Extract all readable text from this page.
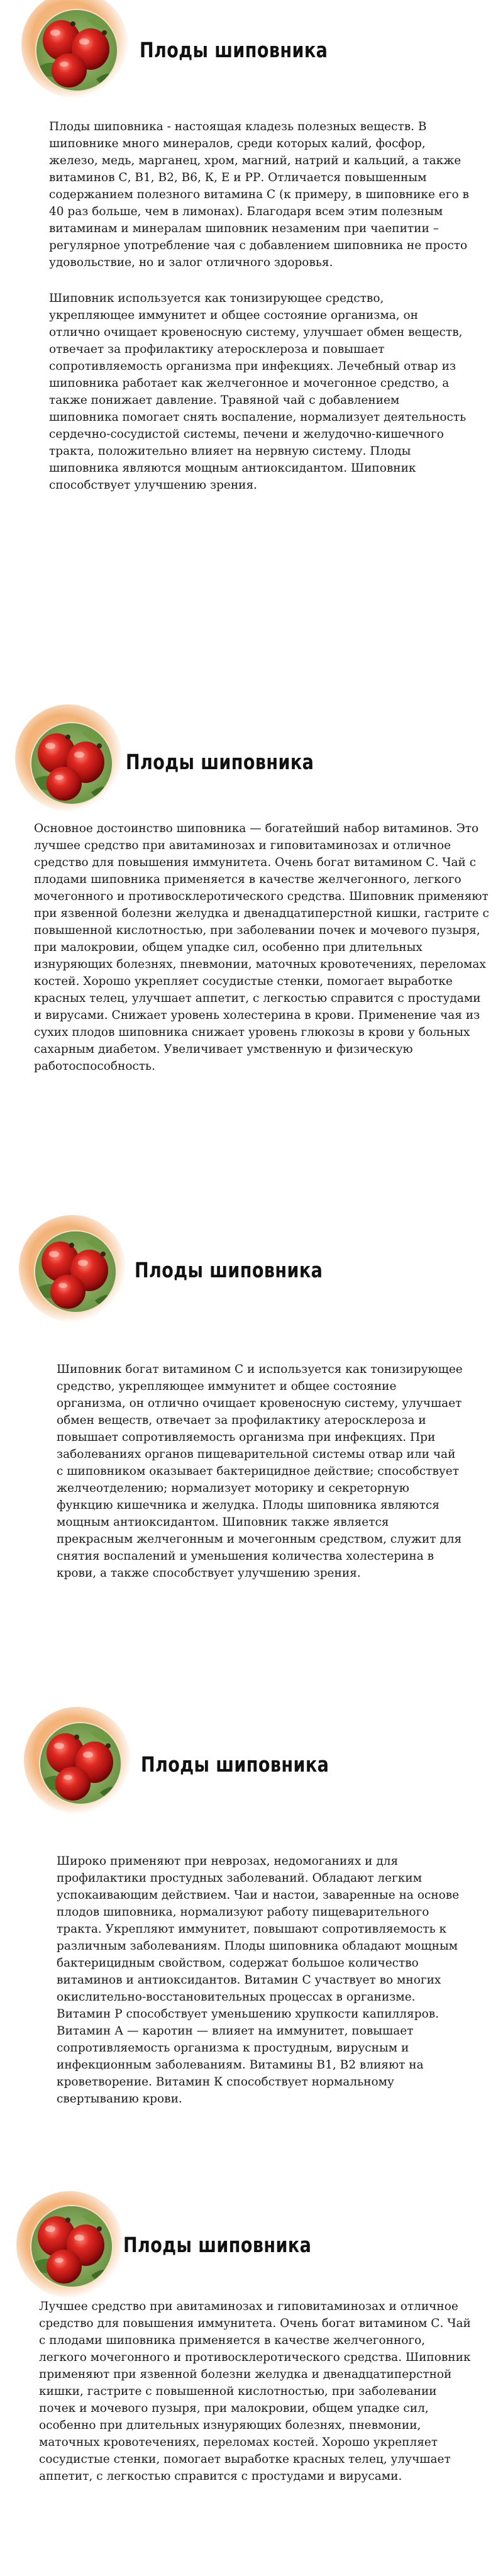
Плоды шиповника

Плоды шиповника - настоящая кладезь полезных веществ. В шиповнике много минералов, среди которых калий, фосфор, железо, медь, марганец, хром, магний, натрий и кальций, а также витаминов С, В1, В2, В6, К, Е и РР. Отличается повышенным содержанием полезного витамина С (к примеру, в шиповнике его в 40 раз больше, чем в лимонах). Благодаря всем этим полезным витаминам и минералам шиповник незаменим при чаепитии – регулярное употребление чая с добавлением шиповника не просто удовольствие, но и залог отличного здоровья.

Шиповник используется как тонизирующее средство, укрепляющее иммунитет и общее состояние организма, он отлично очищает кровеносную систему, улучшает обмен веществ, отвечает за профилактику атеросклероза и повышает сопротивляемость организма при инфекциях. Лечебный отвар из шиповника работает как желчегонное и мочегонное средство, а также понижает давление. Травяной чай с добавлением шиповника помогает снять воспаление, нормализует деятельность сердечно-сосудистой системы, печени и желудочно-кишечного тракта, положительно влияет на нервную систему. Плоды шиповника являются мощным антиоксидантом. Шиповник способствует улучшению зрения.

Плоды шиповника

Основное достоинство шиповника — богатейший набор витаминов. Это лучшее средство при авитаминозах и гиповитаминозах и отличное средство для повышения иммунитета. Очень богат витамином С. Чай с плодами шиповника применяется в качестве желчегонного, легкого мочегонного и противосклеротического средства. Шиповник применяют при язвенной болезни желудка и двенадцатиперстной кишки, гастрите с повышенной кислотностью, при заболевании почек и мочевого пузыря, при малокровии, общем упадке сил, особенно при длительных изнуряющих болезнях, пневмонии, маточных кровотечениях, переломах костей. Хорошо укрепляет сосудистые стенки, помогает выработке красных телец, улучшает аппетит, с легкостью справится с простудами и вирусами. Снижает уровень холестерина в крови. Применение чая из сухих плодов шиповника снижает уровень глюкозы в крови у больных сахарным диабетом. Увеличивает умственную и физическую работоспособность.

Плоды шиповника

Шиповник богат витамином С и используется как тонизирующее средство, укрепляющее иммунитет и общее состояние организма, он отлично очищает кровеносную систему, улучшает обмен веществ, отвечает за профилактику атеросклероза и повышает сопротивляемость организма при инфекциях. При заболеваниях органов пищеварительной системы отвар или чай с шиповником оказывает бактерицидное действие; способствует желчеотделению; нормализует моторику и секреторную функцию кишечника и желудка. Плоды шиповника являются мощным антиоксидантом. Шиповник также является прекрасным желчегонным и мочегонным средством, служит для снятия воспалений и уменьшения количества холестерина в крови, а также способствует улучшению зрения.

Плоды шиповника

Широко применяют при неврозах, недомоганиях и для профилактики простудных заболеваний. Обладают легким успокаивающим действием. Чаи и настои, заваренные на основе плодов шиповника, нормализуют работу пищеварительного тракта. Укрепляют иммунитет, повышают сопротивляемость к различным заболеваниям. Плоды шиповника обладают мощным бактерицидным свойством, содержат большое количество витаминов и антиоксидантов. Витамин С участвует во многих окислительно-восстановительных процессах в организме. Витамин Р способствует уменьшению хрупкости капилляров. Витамин А — каротин — влияет на иммунитет, повышает сопротивляемость организма к простудным, вирусным и инфекционным заболеваниям. Витамины В1, В2 влияют на кроветворение. Витамин К способствует нормальному свертыванию крови.

Плоды шиповника

Лучшее средство при авитаминозах и гиповитаминозах и отличное средство для повышения иммунитета. Очень богат витамином С. Чай с плодами шиповника применяется в качестве желчегонного, легкого мочегонного и противосклеротического средства. Шиповник применяют при язвенной болезни желудка и двенадцатиперстной кишки, гастрите с повышенной кислотностью, при заболевании почек и мочевого пузыря, при малокровии, общем упадке сил, особенно при длительных изнуряющих болезнях, пневмонии, маточных кровотечениях, переломах костей. Хорошо укрепляет сосудистые стенки, помогает выработке красных телец, улучшает аппетит, с легкостью справится с простудами и вирусами.
